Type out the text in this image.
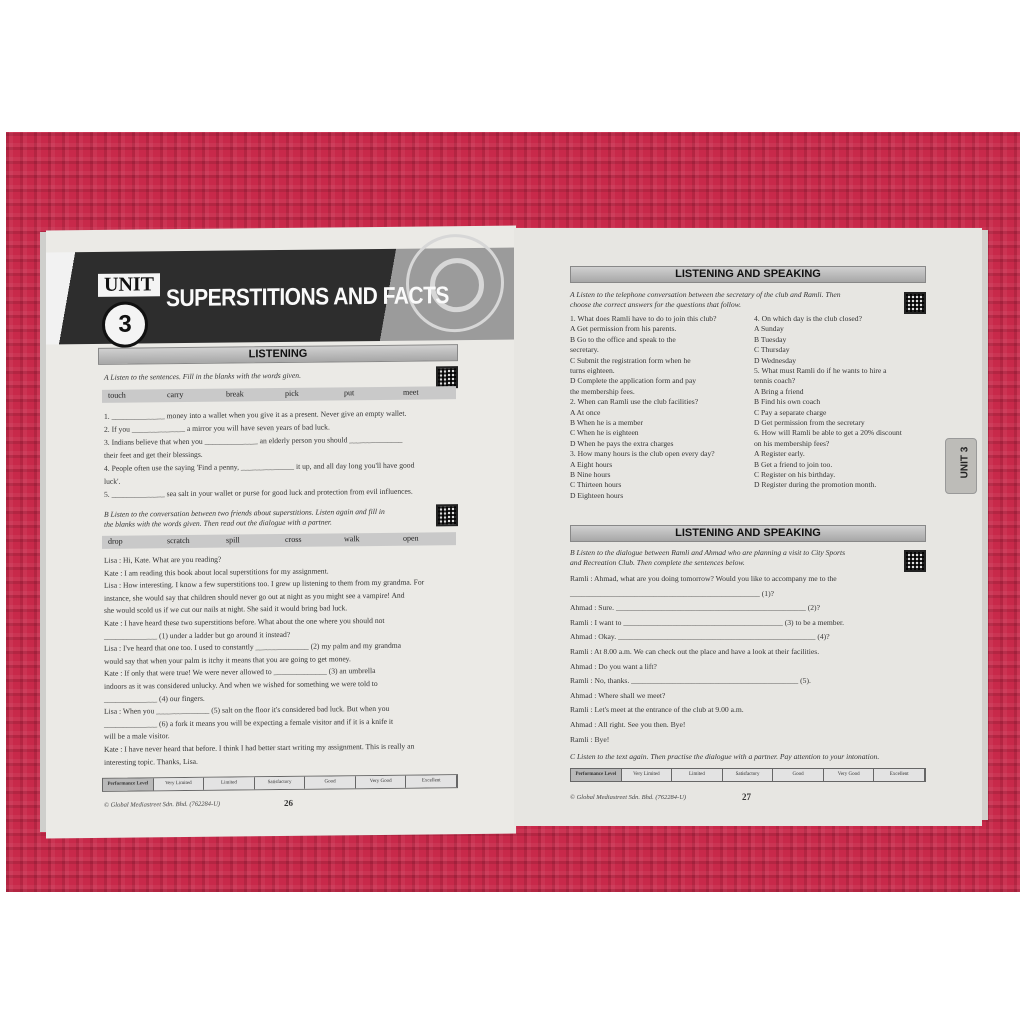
UNIT
3
SUPERSTITIONS AND FACTS
LISTENING
A Listen to the sentences. Fill in the blanks with the words given.
touch	carry	break	pick	put	meet
drop	scratch	spill	cross	walk	open
Performance Level	Very Limited	Limited	Satisfactory	Good	Very Good	Excellent
© Global Mediastreet Sdn. Bhd. (762284-U)	26
1. ______________ money into a wallet when you give it as a present. Never give an empty wallet.
2. If you ______________ a mirror you will have seven years of bad luck.
3. Indians believe that when you ______________ an elderly person you should ______________
their feet and get their blessings.
4. People often use the saying 'Find a penny, ______________ it up, and all day long you'll have good
luck'.
5. ______________ sea salt in your wallet or purse for good luck and protection from evil influences.
B Listen to the conversation between two friends about superstitions. Listen again and fill in
the blanks with the words given. Then read out the dialogue with a partner.
Lisa : Hi, Kate. What are you reading?
Kate : I am reading this book about local superstitions for my assignment.
Lisa : How interesting. I know a few superstitions too. I grew up listening to them from my grandma. For
instance, she would say that children should never go out at night as you might see a vampire! And
she would scold us if we cut our nails at night. She said it would bring bad luck.
Kate : I have heard these two superstitions before. What about the one where you should not
______________ (1) under a ladder but go around it instead?
Lisa : I've heard that one too. I used to constantly ______________ (2) my palm and my grandma
would say that when your palm is itchy it means that you are going to get money.
Kate : If only that were true! We were never allowed to ______________ (3) an umbrella
indoors as it was considered unlucky. And when we wished for something we were told to
______________ (4) our fingers.
Lisa : When you ______________ (5) salt on the floor it's considered bad luck. But when you
______________ (6) a fork it means you will be expecting a female visitor and if it is a knife it
will be a male visitor.
Kate : I have never heard that before. I think I had better start writing my assignment. This is really an
interesting topic. Thanks, Lisa.
LISTENING AND SPEAKING
LISTENING AND SPEAKING
C Listen to the text again. Then practise the dialogue with a partner. Pay attention to your intonation.
Performance Level	Very Limited	Limited	Satisfactory	Good	Very Good	Excellent
© Global Mediastreet Sdn. Bhd. (762284-U)	27
A Listen to the telephone conversation between the secretary of the club and Ramli. Then
choose the correct answers for the questions that follow.
1. What does Ramli have to do to join this club?
A Get permission from his parents.
B Go to the office and speak to the
secretary.
C Submit the registration form when he
turns eighteen.
D Complete the application form and pay
the membership fees.
2. When can Ramli use the club facilities?
A At once
B When he is a member
C When he is eighteen
D When he pays the extra charges
3. How many hours is the club open every day?
A Eight hours
B Nine hours
C Thirteen hours
D Eighteen hours
4. On which day is the club closed?
A Sunday
B Tuesday
C Thursday
D Wednesday
5. What must Ramli do if he wants to hire a
tennis coach?
A Bring a friend
B Find his own coach
C Pay a separate charge
D Get permission from the secretary
6. How will Ramli be able to get a 20% discount
on his membership fees?
A Register early.
B Get a friend to join too.
C Register on his birthday.
D Register during the promotion month.
B Listen to the dialogue between Ramli and Ahmad who are planning a visit to City Sports
and Recreation Club. Then complete the sentences below.
Ramli : Ahmad, what are you doing tomorrow? Would you like to accompany me to the
__________________________________________________ (1)?
Ahmad : Sure. __________________________________________________ (2)?
Ramli : I want to __________________________________________ (3) to be a member.
Ahmad : Okay. ____________________________________________________ (4)?
Ramli : At 8.00 a.m. We can check out the place and have a look at their facilities.
Ahmad : Do you want a lift?
Ramli : No, thanks. ____________________________________________ (5).
Ahmad : Where shall we meet?
Ramli : Let's meet at the entrance of the club at 9.00 a.m.
Ahmad : All right. See you then. Bye!
Ramli : Bye!
UNIT 3
